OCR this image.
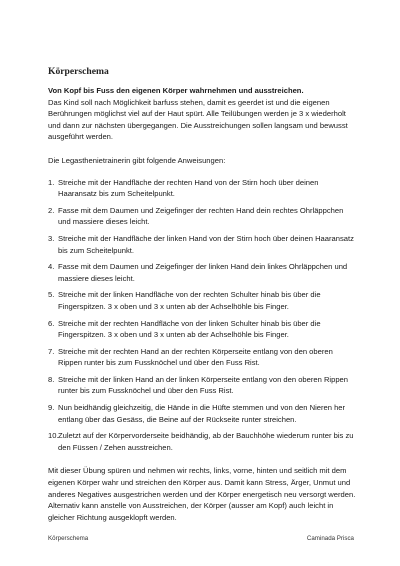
Körperschema
Von Kopf bis Fuss den eigenen Körper wahrnehmen und ausstreichen.

Das Kind soll nach Möglichkeit barfuss stehen, damit es geerdet ist und die eigenen Berührungen möglichst viel auf der Haut spürt. Alle Teilübungen werden je 3 x wiederholt und dann zur nächsten übergegangen. Die Ausstreichungen sollen langsam und bewusst ausgeführt werden.

Die Legasthenietrainerin gibt folgende Anweisungen:

1. Streiche mit der Handfläche der rechten Hand von der Stirn hoch über deinen Haaransatz bis zum Scheitelpunkt.
2. Fasse mit dem Daumen und Zeigefinger der rechten Hand dein rechtes Ohrläppchen und massiere dieses leicht.
3. Streiche mit der Handfläche der linken Hand von der Stirn hoch über deinen Haaransatz bis zum Scheitelpunkt.
4. Fasse mit dem Daumen und Zeigefinger der linken Hand dein linkes Ohrläppchen und massiere dieses leicht.
5. Streiche mit der linken Handfläche von der rechten Schulter hinab bis über die Fingerspitzen. 3 x oben und 3 x unten ab der Achselhöhle bis Finger.
6. Streiche mit der rechten Handfläche von der linken Schulter hinab bis über die Fingerspitzen. 3 x oben und 3 x unten ab der Achselhöhle bis Finger.
7. Streiche mit der rechten Hand an der rechten Körperseite entlang von den oberen Rippen runter bis zum Fussknöchel und über den Fuss Rist.
8. Streiche mit der linken Hand an der linken Körperseite entlang von den oberen Rippen runter bis zum Fussknöchel und über den Fuss Rist.
9. Nun beidhändig gleichzeitig, die Hände in die Hüfte stemmen und von den Nieren her entlang über das Gesäss, die Beine auf der Rückseite runter streichen.
10. Zuletzt auf der Körpervorderseite beidhändig, ab der Bauchhöhe wiederum runter bis zu den Füssen / Zehen ausstreichen.

Mit dieser Übung spüren und nehmen wir rechts, links, vorne, hinten und seitlich mit dem eigenen Körper wahr und streichen den Körper aus. Damit kann Stress, Ärger, Unmut und anderes Negatives ausgestrichen werden und der Körper energetisch neu versorgt werden. Alternativ kann anstelle von Ausstreichen, der Körper (ausser am Kopf) auch leicht in gleicher Richtung ausgeklopft werden.

Körperschema	Caminada Prisca
